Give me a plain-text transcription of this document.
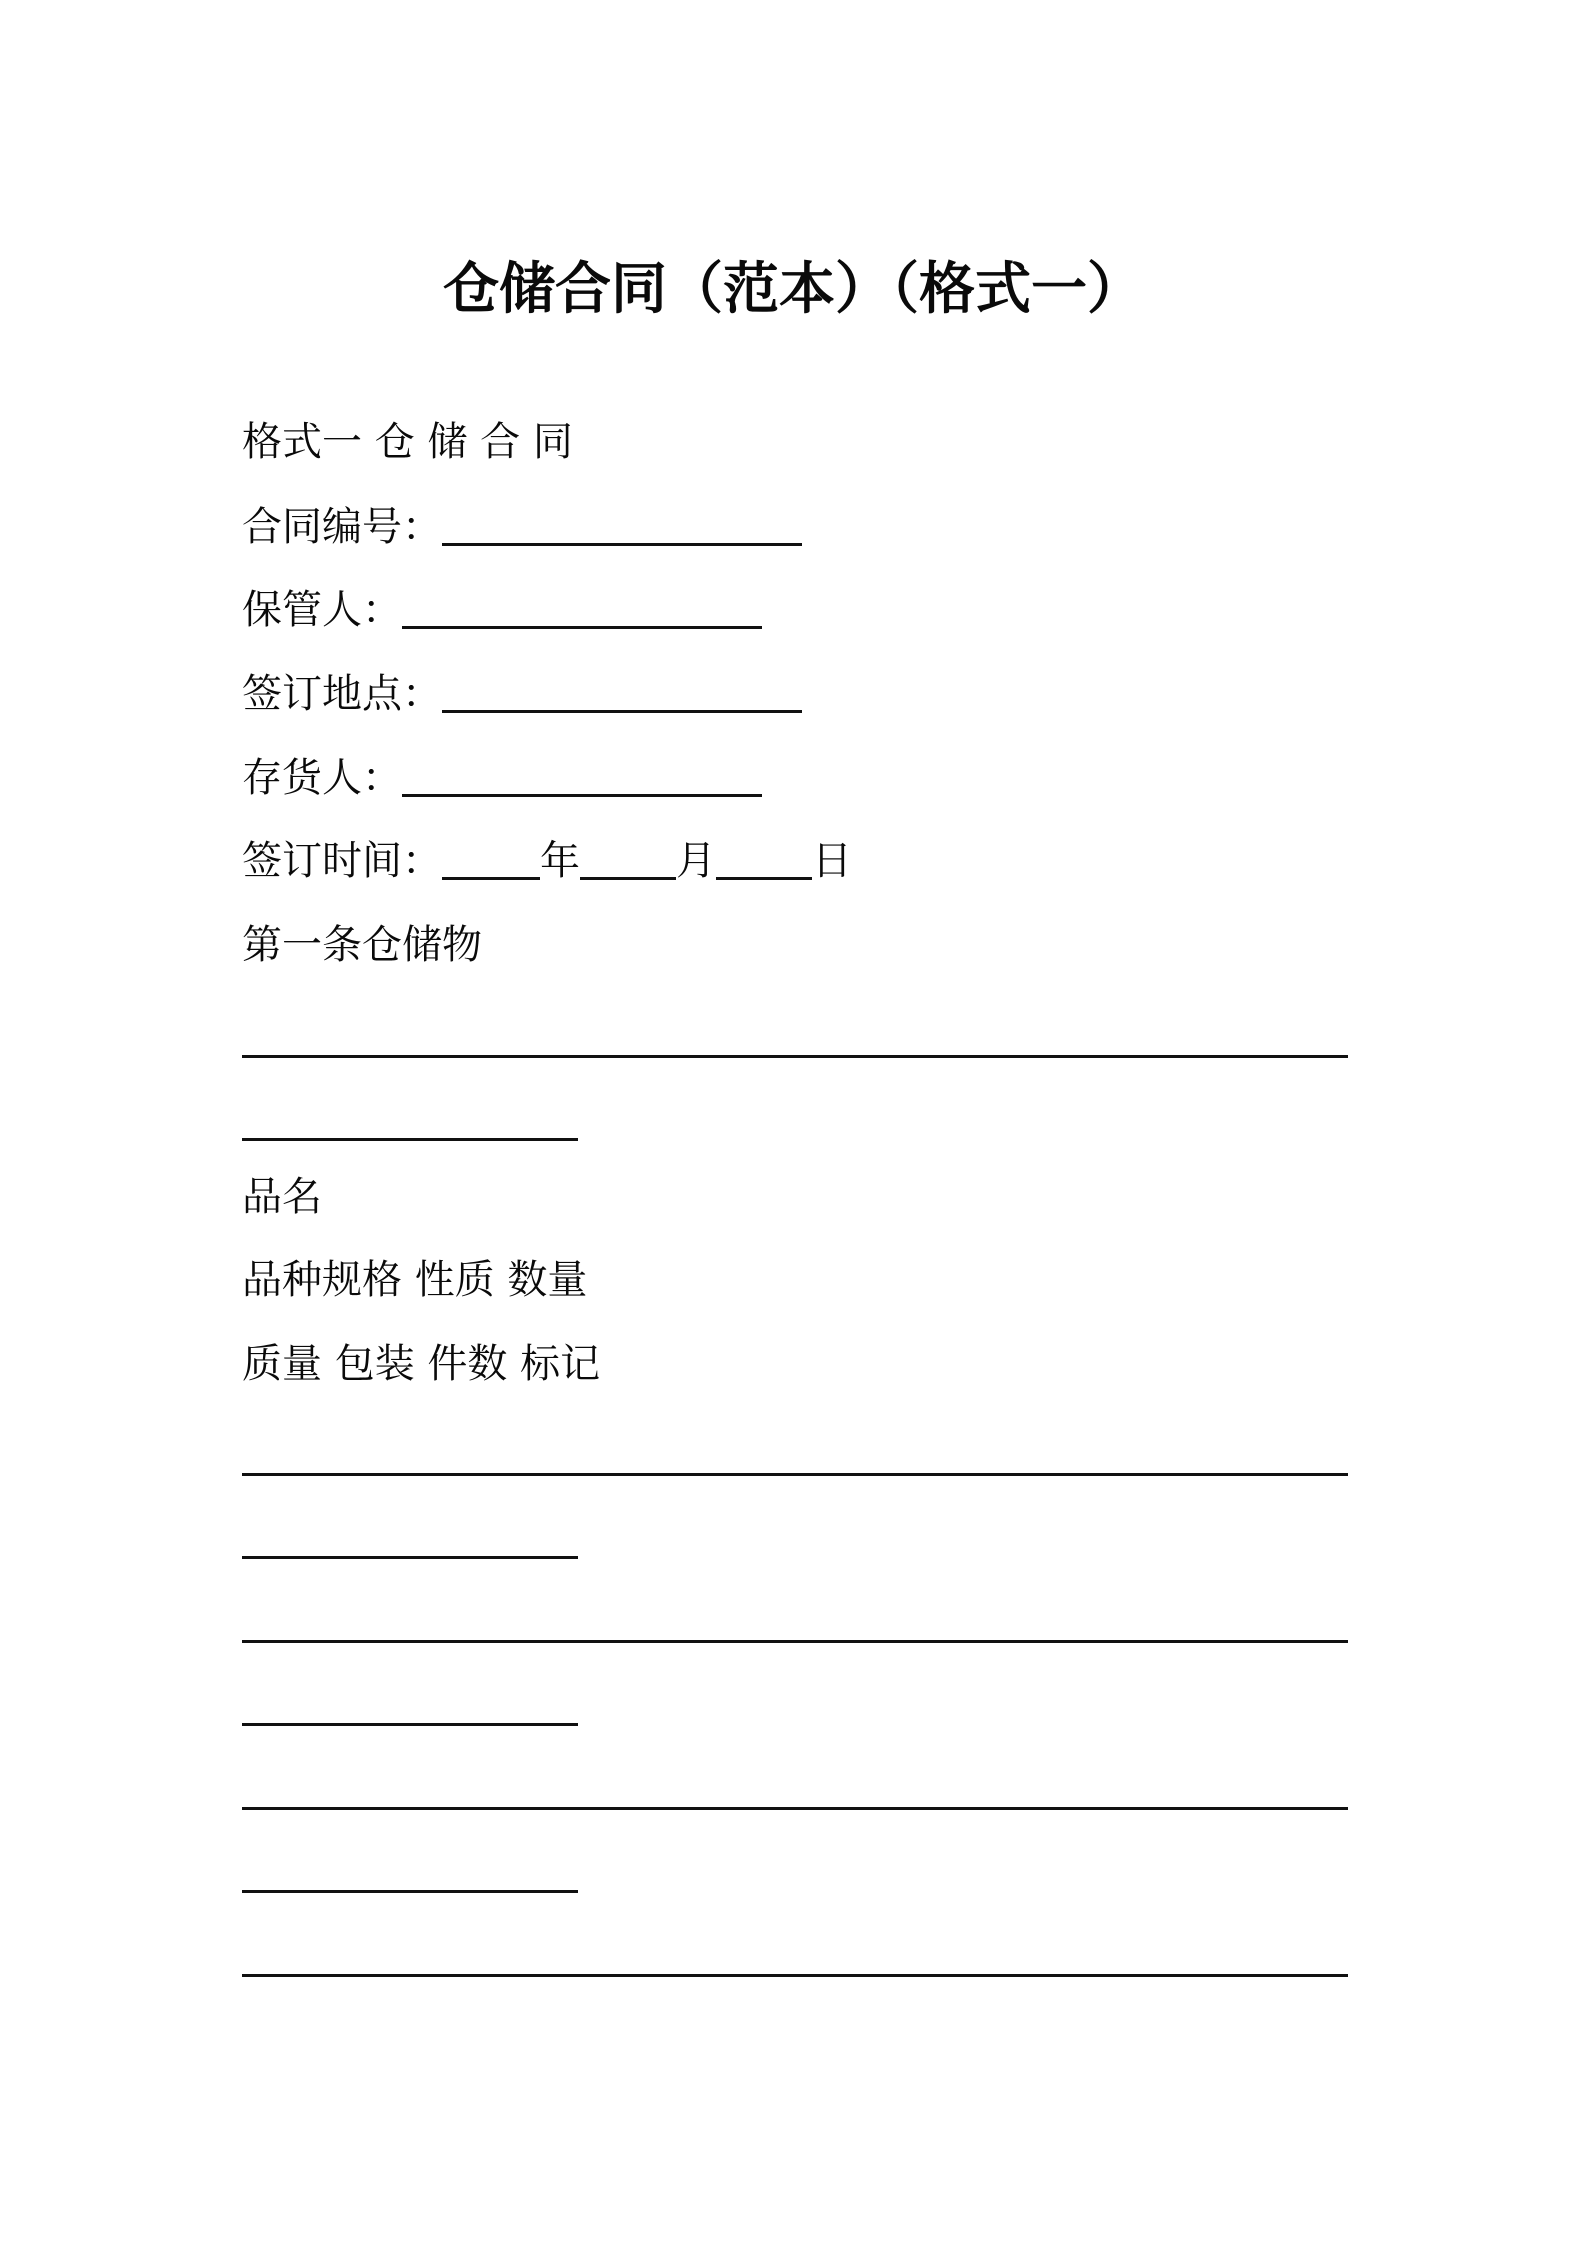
仓储合同（范本）（格式一）
格式一 仓 储 合 同
合同编号：
保管人：
签订地点：
存货人：
签订时间： 年 月 日
第一条仓储物
品名
品种规格 性质 数量
质量 包装 件数 标记
